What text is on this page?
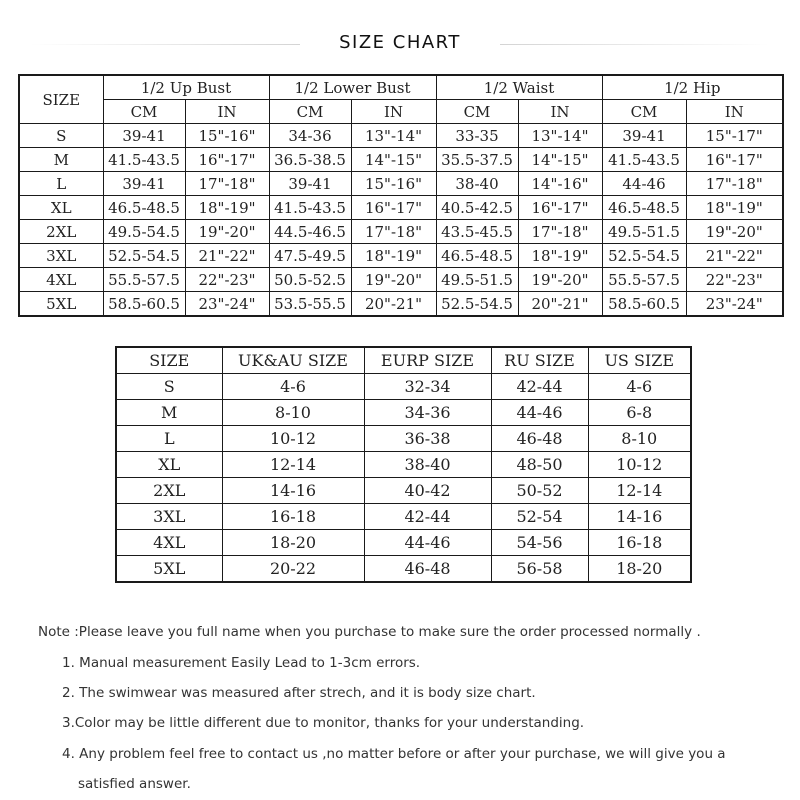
SIZE CHART
SIZE	1/2 Up Bust		1/2 Lower Bust		1/2 Waist		1/2 Hip	
	CM	IN	CM	IN	CM	IN	CM	IN
S	39-41	15"-16"	34-36	13"-14"	33-35	13"-14"	39-41	15"-17"
M	41.5-43.5	16"-17"	36.5-38.5	14"-15"	35.5-37.5	14"-15"	41.5-43.5	16"-17"
L	39-41	17"-18"	39-41	15"-16"	38-40	14"-16"	44-46	17"-18"
XL	46.5-48.5	18"-19"	41.5-43.5	16"-17"	40.5-42.5	16"-17"	46.5-48.5	18"-19"
2XL	49.5-54.5	19"-20"	44.5-46.5	17"-18"	43.5-45.5	17"-18"	49.5-51.5	19"-20"
3XL	52.5-54.5	21"-22"	47.5-49.5	18"-19"	46.5-48.5	18"-19"	52.5-54.5	21"-22"
4XL	55.5-57.5	22"-23"	50.5-52.5	19"-20"	49.5-51.5	19"-20"	55.5-57.5	22"-23"
5XL	58.5-60.5	23"-24"	53.5-55.5	20"-21"	52.5-54.5	20"-21"	58.5-60.5	23"-24"
SIZE	UK&AU SIZE	EURP SIZE	RU SIZE	US SIZE
S	4-6	32-34	42-44	4-6
M	8-10	34-36	44-46	6-8
L	10-12	36-38	46-48	8-10
XL	12-14	38-40	48-50	10-12
2XL	14-16	40-42	50-52	12-14
3XL	16-18	42-44	52-54	14-16
4XL	18-20	44-46	54-56	16-18
5XL	20-22	46-48	56-58	18-20
Note :Please leave you full name when you purchase to make sure the order processed normally .
1. Manual measurement Easily Lead to 1-3cm errors.
2. The swimwear was measured after strech, and it is body size chart.
3.Color may be little different due to monitor, thanks for your understanding.
4. Any problem feel free to contact us ,no matter before or after your purchase, we will give you a
satisfied answer.
